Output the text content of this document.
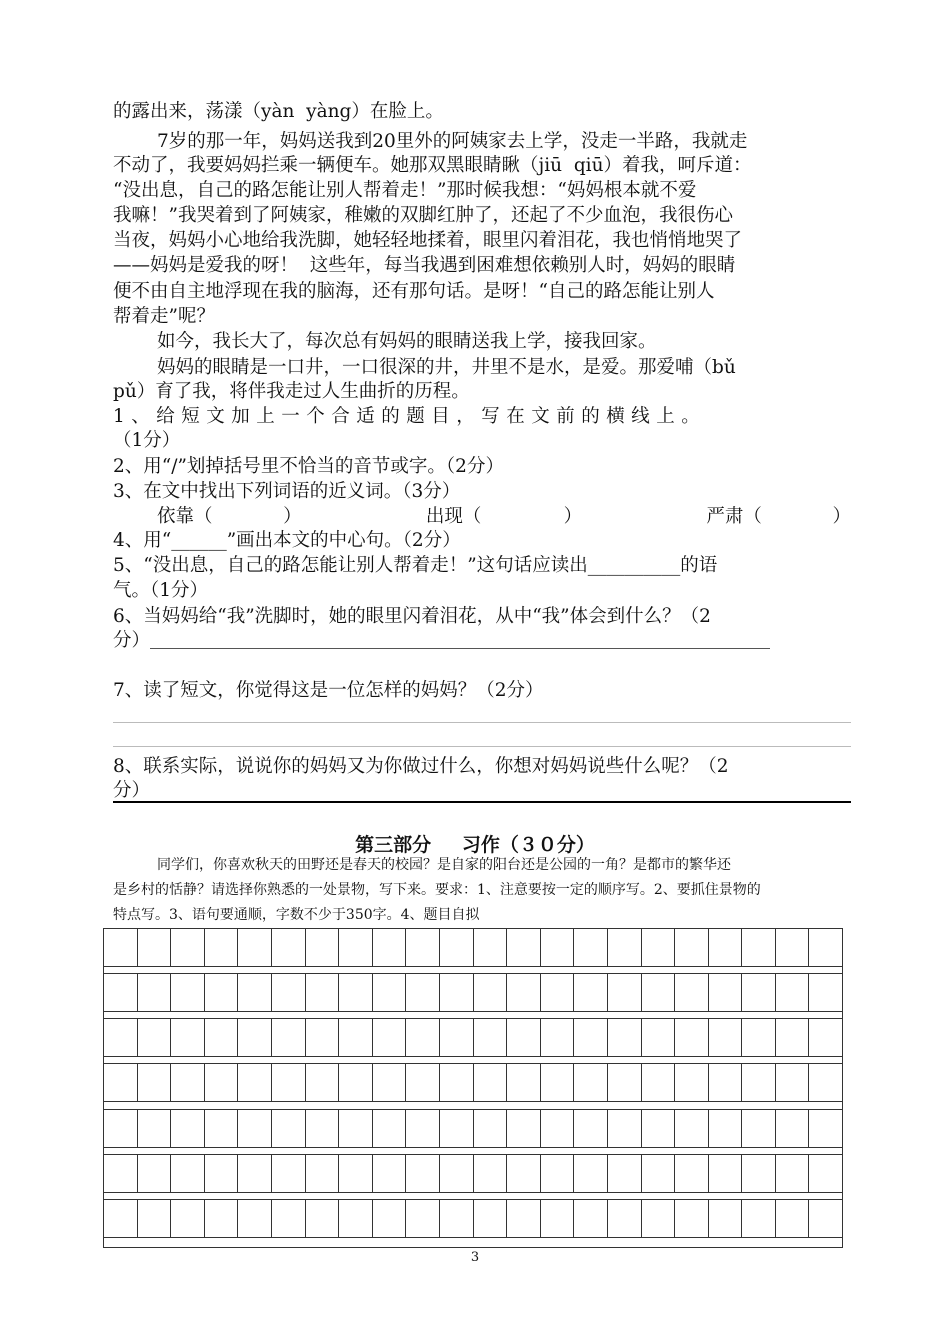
的露出来，荡漾（yàn  yàng）在脸上。
7岁的那一年，妈妈送我到20里外的阿姨家去上学，没走一半路，我就走
不动了，我要妈妈拦乘一辆便车。她那双黑眼睛瞅（jiū  qiū）着我，呵斥道：
“没出息，自己的路怎能让别人帮着走！”那时候我想：“妈妈根本就不爱
我嘛！”我哭着到了阿姨家，稚嫩的双脚红肿了，还起了不少血泡，我很伤心
当夜，妈妈小心地给我洗脚，她轻轻地揉着，眼里闪着泪花，我也悄悄地哭了
——妈妈是爱我的呀！  这些年，每当我遇到困难想依赖别人时，妈妈的眼睛
便不由自主地浮现在我的脑海，还有那句话。是呀！“自己的路怎能让别人
帮着走”呢？
如今，我长大了，每次总有妈妈的眼睛送我上学，接我回家。
妈妈的眼睛是一口井，一口很深的井，井里不是水，是爱。那爱哺（bǔ
pǔ）育了我，将伴我走过人生曲折的历程。
1、给短文加上一个合适的题目，写在文前的横线上。
（1分）
2、用“/”划掉括号里不恰当的音节或字。（2分）
3、在文中找出下列词语的近义词。（3分）
依靠（            ）	出现（              ）	严肃（            ）
4、用“______”画出本文的中心句。（2分）
5、“没出息，自己的路怎能让别人帮着走！”这句话应读出__________的语
气。（1分）
6、当妈妈给“我”洗脚时，她的眼里闪着泪花，从中“我”体会到什么？（2
分）
7、读了短文，你觉得这是一位怎样的妈妈？（2分）
8、联系实际，说说你的妈妈又为你做过什么，你想对妈妈说些什么呢？（2
分）
第三部分 习作（３０分）
同学们，你喜欢秋天的田野还是春天的校园？是自家的阳台还是公园的一角？是都市的繁华还
是乡村的恬静？请选择你熟悉的一处景物，写下来。要求：1、注意要按一定的顺序写。2、要抓住景物的
特点写。3、语句要通顺，字数不少于350字。4、题目自拟
3
